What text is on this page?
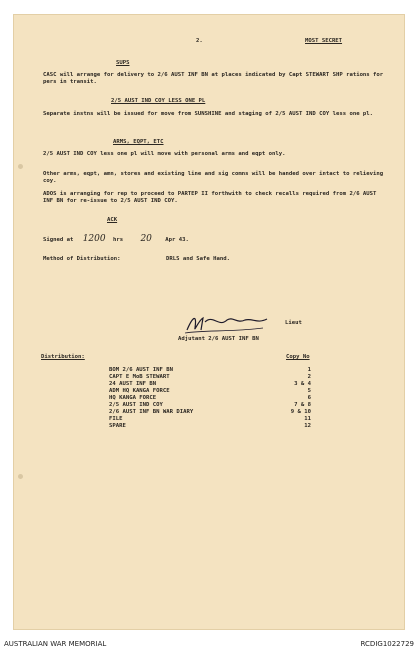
2.	MOST SECRET
SUPS
CASC will arrange for delivery to 2/6 AUST INF BN at places indicated by Capt STEWART SHP rations for pers in transit.
2/5 AUST IND COY LESS ONE PL
Separate instns will be issued for move from SUNSHINE and staging of 2/5 AUST IND COY less one pl.
ARMS, EQPT, ETC
2/5 AUST IND COY less one pl will move with personal arms and eqpt only.
Other arms, eqpt, amn, stores and existing line and sig comns will be handed over intact to relieving coy.
ADOS is arranging for rep to proceed to PARTEP II forthwith to check recalls required from 2/6 AUST INF BN for re-issue to 2/5 AUST IND COY.
ACK
Signed at 1200 hrs 20 Apr 43.
Method of Distribution:	DRLS and Safe Hand.
Lieut
Adjutant 2/6 AUST INF BN
Distribution:	Copy No
BOM 2/6 AUST INF BN	1
CAPT E MoB STEWART	2
24 AUST INF BN	3 & 4
ADM HQ KANGA FORCE	5
HQ KANGA FORCE	6
2/5 AUST IND COY	7 & 8
2/6 AUST INF BN WAR DIARY	9 & 10
FILE	11
SPARE	12
AUSTRALIAN WAR MEMORIAL	RCDIG1022729
